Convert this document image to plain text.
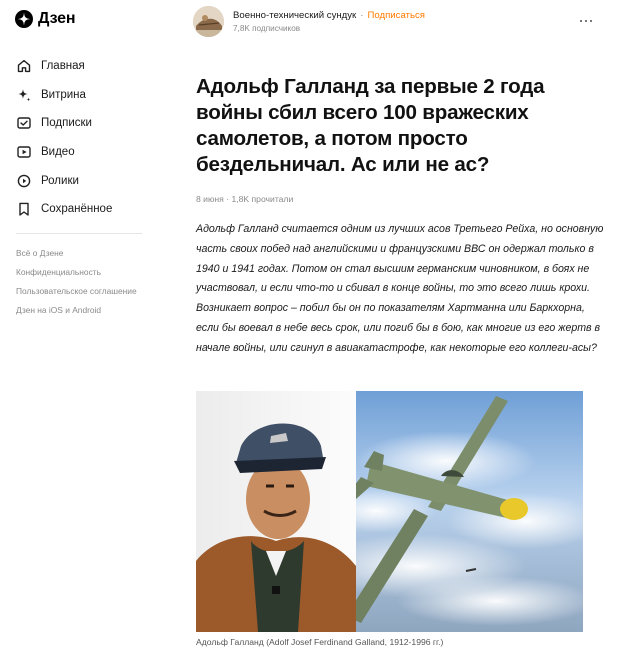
Дзен
Главная
Витрина
Подписки
Видео
Ролики
Сохранённое
Всё о Дзене
Конфиденциальность
Пользовательское соглашение
Дзен на iOS и Android
Военно-технический сундук · Подписаться
7,8K подписчиков
Адольф Галланд за первые 2 года войны сбил всего 100 вражеских самолетов, а потом просто бездельничал. Ас или не ас?
8 июня · 1,8K прочитали

Адольф Галланд считается одним из лучших асов Третьего Рейха, но основную часть своих побед над английскими и французскими ВВС он одержал только в 1940 и 1941 годах. Потом он стал высшим германским чиновником, в боях не участвовал, и если что-то и сбивал в конце войны, то это всего лишь крохи. Возникает вопрос – побил бы он по показателям Хартманна или Баркхорна, если бы воевал в небе весь срок, или погиб бы в бою, как многие из его жертв в начале войны, или сгинул в авиакатастрофе, как некоторые его коллеги-асы?

Адольф Галланд (Adolf Josef Ferdinand Galland, 1912-1996 гг.)
